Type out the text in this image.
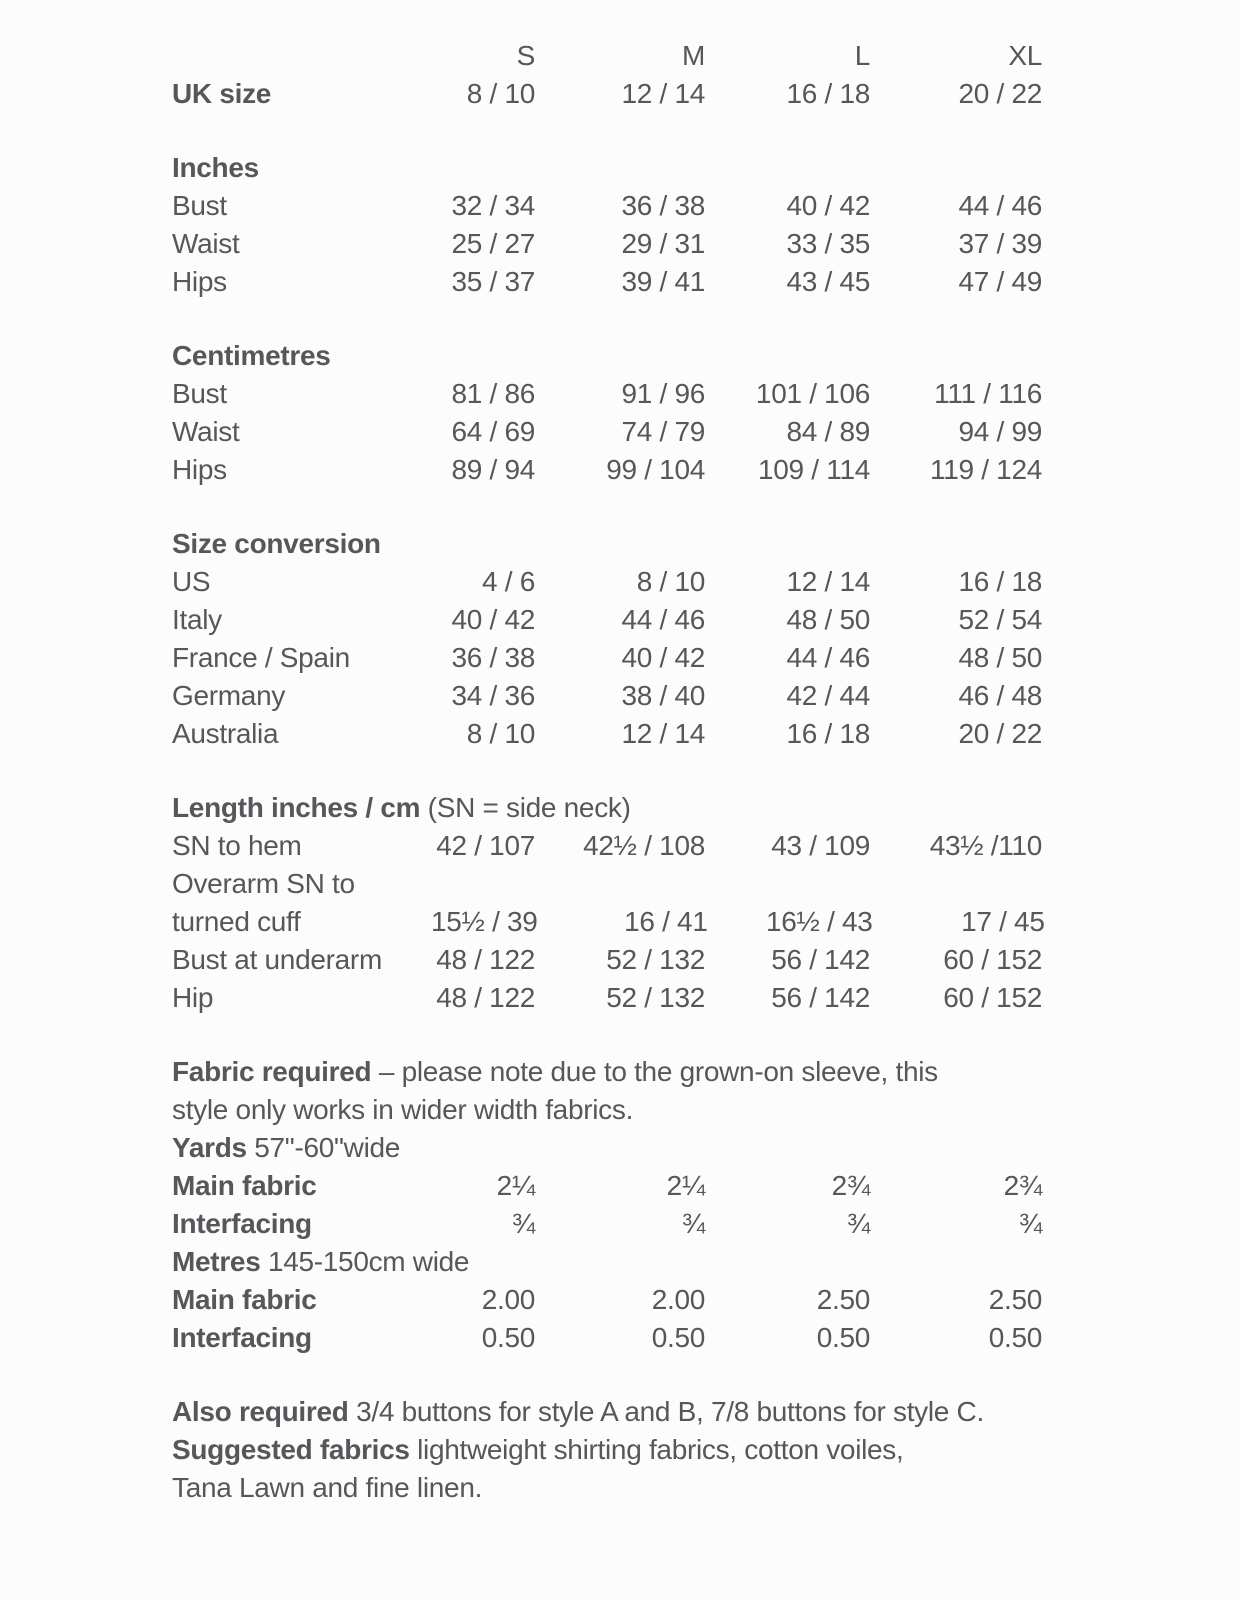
S	M	L	XL
UK size	8 / 10	12 / 14	16 / 18	20 / 22
Inches
Bust	32 / 34	36 / 38	40 / 42	44 / 46
Waist	25 / 27	29 / 31	33 / 35	37 / 39
Hips	35 / 37	39 / 41	43 / 45	47 / 49
Centimetres
Bust	81 / 86	91 / 96	101 / 106	111 / 116
Waist	64 / 69	74 / 79	84 / 89	94 / 99
Hips	89 / 94	99 / 104	109 / 114	119 / 124
Size conversion
US	4 / 6	8 / 10	12 / 14	16 / 18
Italy	40 / 42	44 / 46	48 / 50	52 / 54
France / Spain	36 / 38	40 / 42	44 / 46	48 / 50
Germany	34 / 36	38 / 40	42 / 44	46 / 48
Australia	8 / 10	12 / 14	16 / 18	20 / 22
Length inches / cm (SN = side neck)
SN to hem	42 / 107	42½ / 108	43 / 109	43½ /110
Overarm SN to
turned cuff	15½ / 39	16 / 41	16½ / 43	17 / 45
Bust at underarm	48 / 122	52 / 132	56 / 142	60 / 152
Hip	48 / 122	52 / 132	56 / 142	60 / 152
Fabric required – please note due to the grown-on sleeve, this
style only works in wider width fabrics.
Yards 57"-60"wide
Main fabric	2¼	2¼	2¾	2¾
Interfacing	¾	¾	¾	¾
Metres 145-150cm wide
Main fabric	2.00	2.00	2.50	2.50
Interfacing	0.50	0.50	0.50	0.50
Also required 3/4 buttons for style A and B, 7/8 buttons for style C.
Suggested fabrics lightweight shirting fabrics, cotton voiles,
Tana Lawn and fine linen.
